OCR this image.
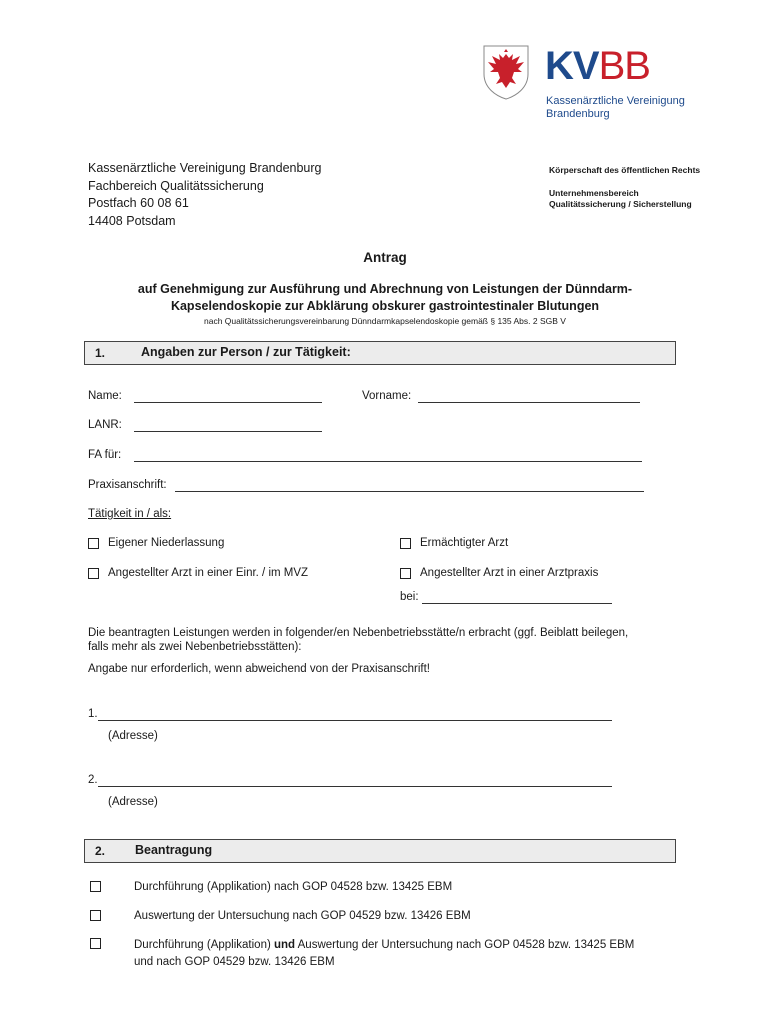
KVBB
Kassenärztliche Vereinigung
Brandenburg
Kassenärztliche Vereinigung Brandenburg
Fachbereich Qualitätssicherung
Postfach 60 08 61
14408 Potsdam
Körperschaft des öffentlichen Rechts
Unternehmensbereich
Qualitätssicherung / Sicherstellung
Antrag
auf Genehmigung zur Ausführung und Abrechnung von Leistungen der Dünndarm-
Kapselendoskopie zur Abklärung obskurer gastrointestinaler Blutungen
nach Qualitätssicherungsvereinbarung Dünndarmkapselendoskopie gemäß § 135 Abs. 2 SGB V
1.	Angaben zur Person / zur Tätigkeit:
Name:	Vorname:
LANR:
FA für:
Praxisanschrift:
Tätigkeit in / als:
Eigener Niederlassung	Ermächtigter Arzt
Angestellter Arzt in einer Einr. / im MVZ	Angestellter Arzt in einer Arztpraxis
bei:
Die beantragten Leistungen werden in folgender/en Nebenbetriebsstätte/n erbracht (ggf. Beiblatt beilegen,
falls mehr als zwei Nebenbetriebsstätten):
Angabe nur erforderlich, wenn abweichend von der Praxisanschrift!
1.
(Adresse)
2.
(Adresse)
2. Beantragung
Durchführung (Applikation) nach GOP 04528 bzw. 13425 EBM
Auswertung der Untersuchung nach GOP 04529 bzw. 13426 EBM
Durchführung (Applikation) und Auswertung der Untersuchung nach GOP 04528 bzw. 13425 EBM
und nach GOP 04529 bzw. 13426 EBM
